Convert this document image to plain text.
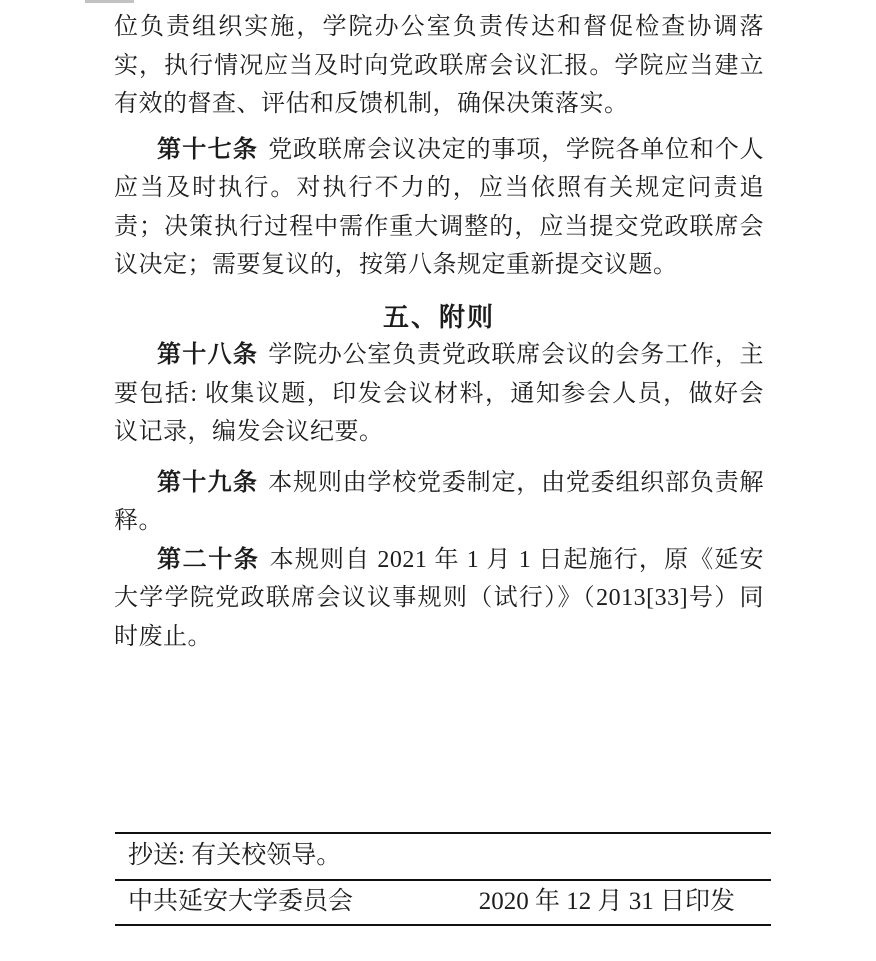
位负责组织实施，学院办公室负责传达和督促检查协调落实，执行情况应当及时向党政联席会议汇报。学院应当建立有效的督查、评估和反馈机制，确保决策落实。

第十七条 党政联席会议决定的事项，学院各单位和个人应当及时执行。对执行不力的，应当依照有关规定问责追责；决策执行过程中需作重大调整的，应当提交党政联席会议决定；需要复议的，按第八条规定重新提交议题。

五、附则

第十八条 学院办公室负责党政联席会议的会务工作，主要包括: 收集议题，印发会议材料，通知参会人员，做好会议记录，编发会议纪要。

第十九条 本规则由学校党委制定，由党委组织部负责解释。

第二十条 本规则自 2021 年 1 月 1 日起施行，原《延安大学学院党政联席会议议事规则（试行）》（2013[33]号）同时废止。

抄送: 有关校领导。
中共延安大学委员会	2020 年 12 月 31 日印发
